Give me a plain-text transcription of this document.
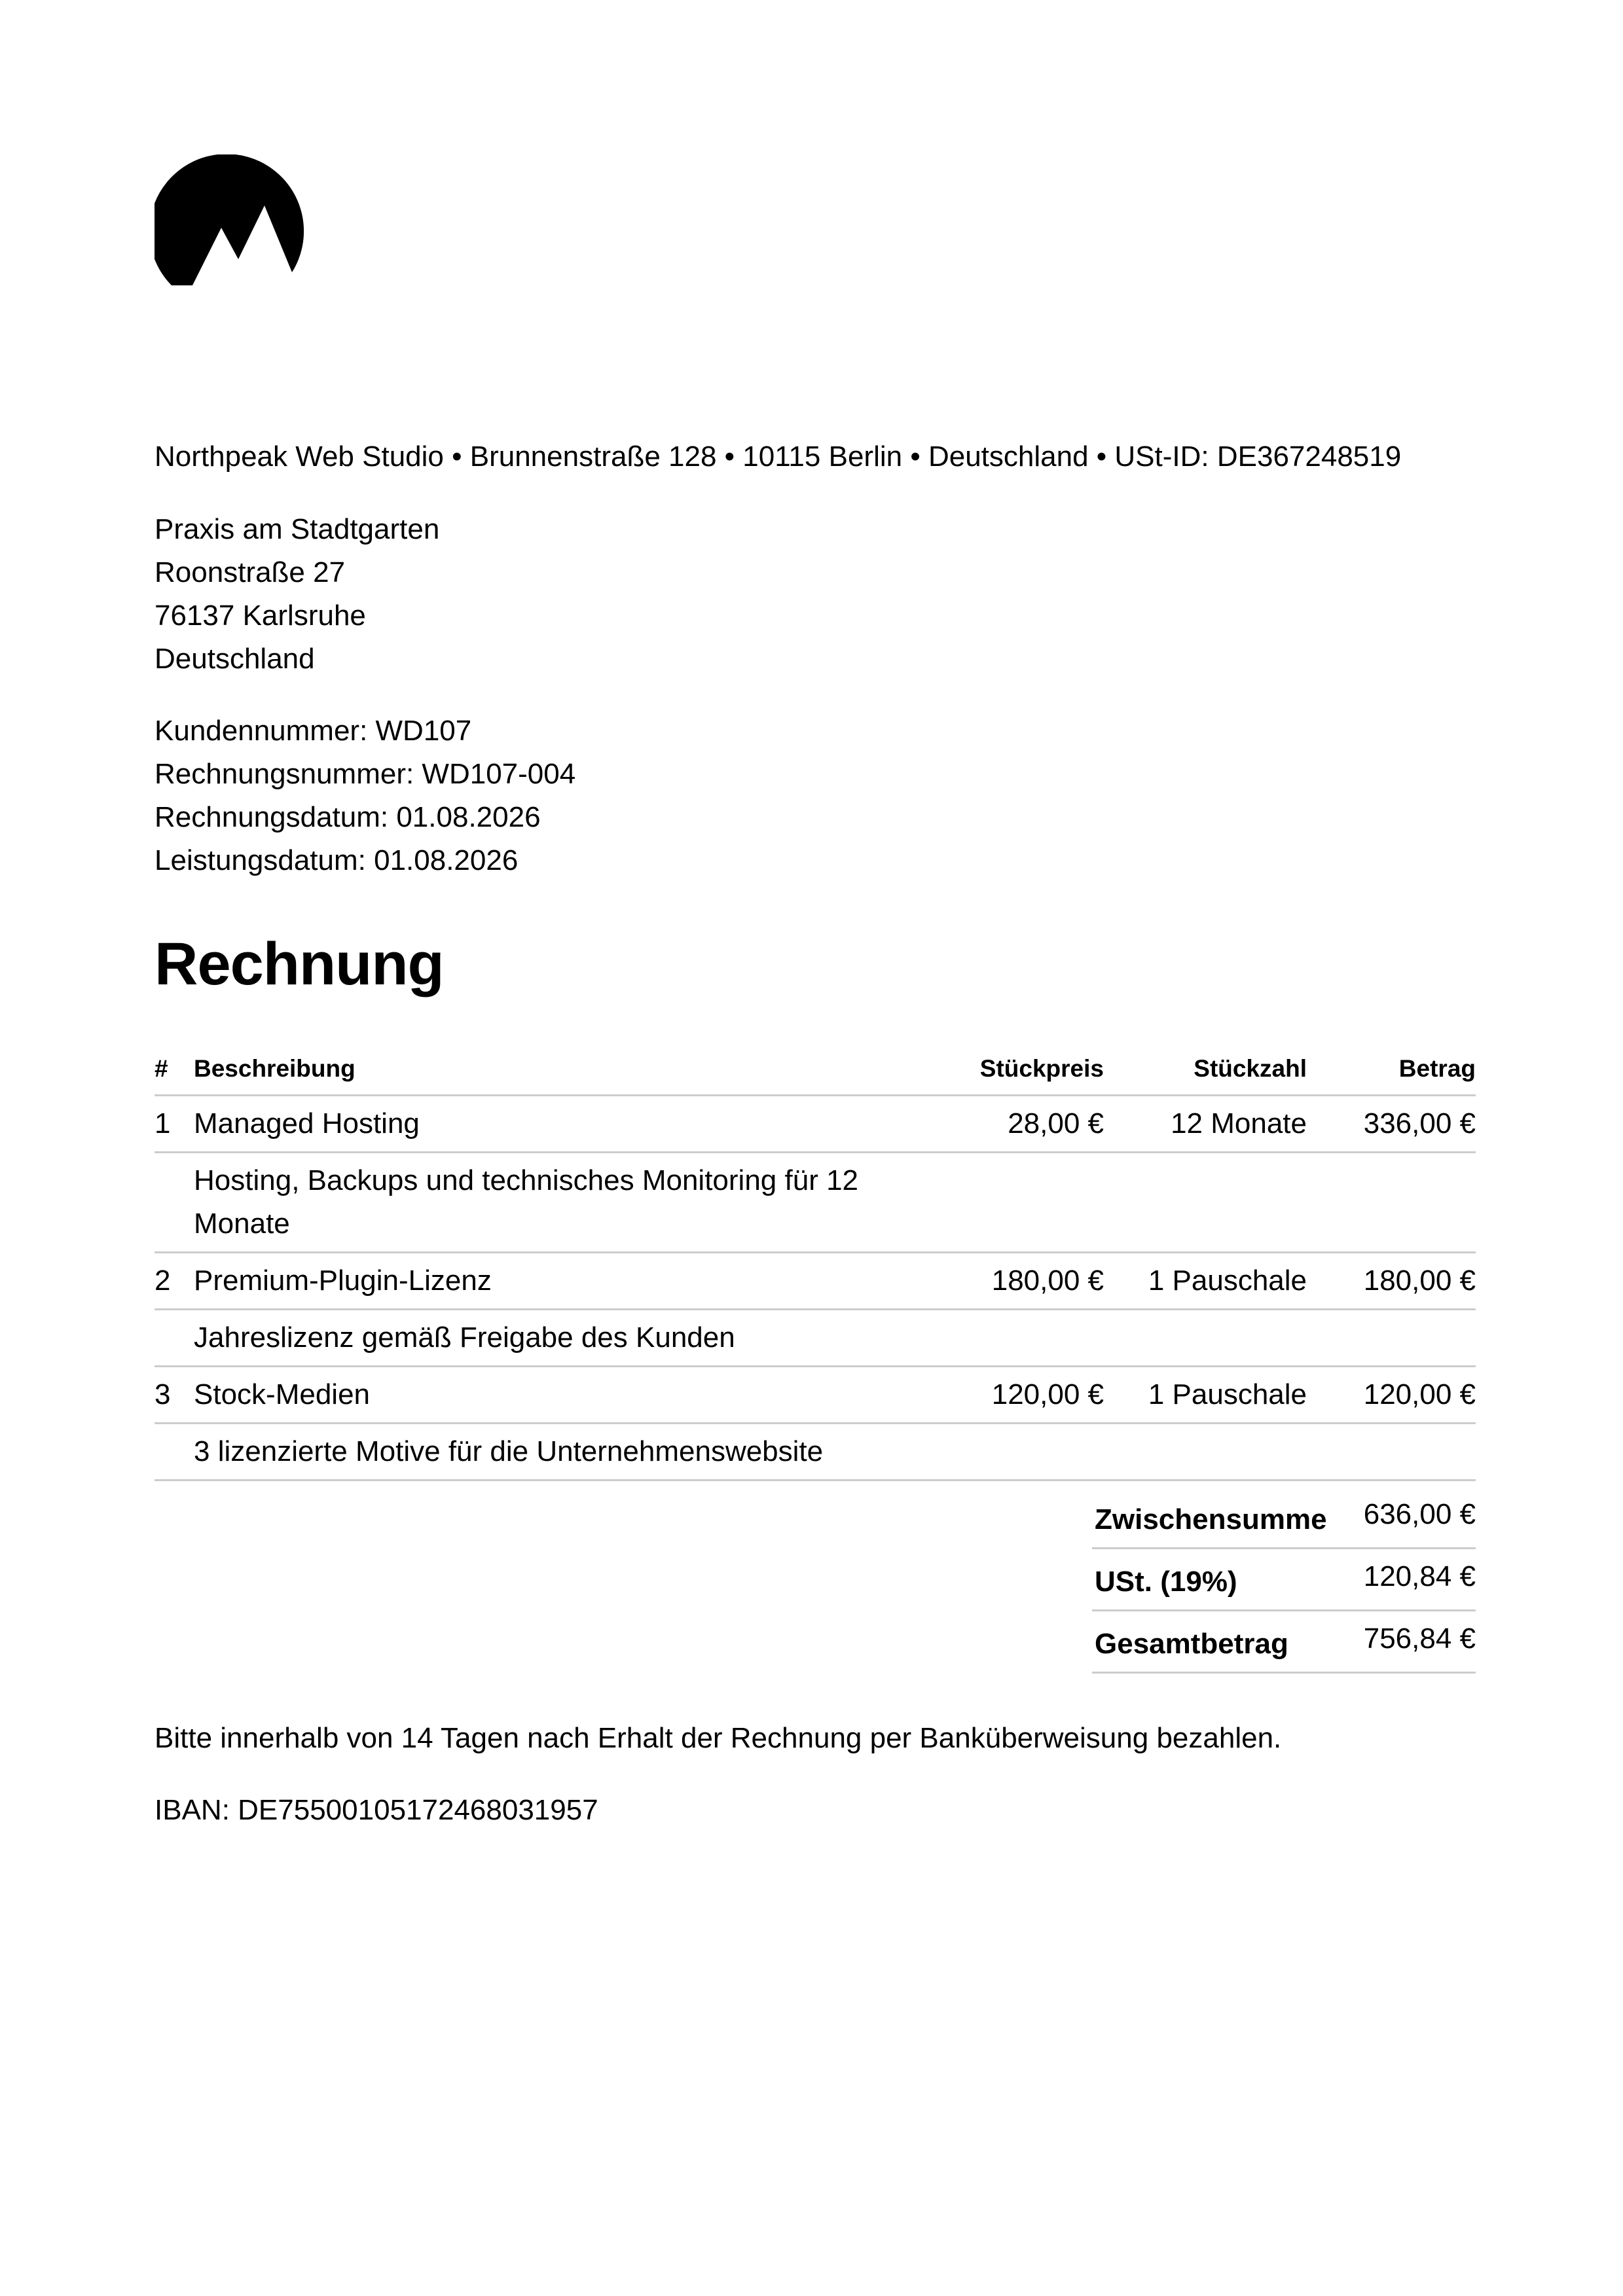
Northpeak Web Studio • Brunnenstraße 128 • 10115 Berlin • Deutschland • USt-ID: DE367248519
Praxis am Stadtgarten
Roonstraße 27
76137 Karlsruhe
Deutschland
Kundennummer: WD107
Rechnungsnummer: WD107-004
Rechnungsdatum: 01.08.2026
Leistungsdatum: 01.08.2026
Rechnung
#	Beschreibung	Stückpreis	Stückzahl	Betrag
1	Managed Hosting	28,00 €	12 Monate	336,00 €

	Hosting, Backups und technisches Monitoring für 12 Monate			

2	Premium-Plugin-Lizenz	180,00 €	1 Pauschale	180,00 €

	Jahreslizenz gemäß Freigabe des Kunden			

3	Stock-Medien	120,00 €	1 Pauschale	120,00 €

	3 lizenzierte Motive für die Unternehmenswebsite			

Zwischensumme	636,00 €
USt. (19%)	120,84 €
Gesamtbetrag	756,84 €
Bitte innerhalb von 14 Tagen nach Erhalt der Rechnung per Banküberweisung bezahlen.
IBAN: DE75500105172468031957
